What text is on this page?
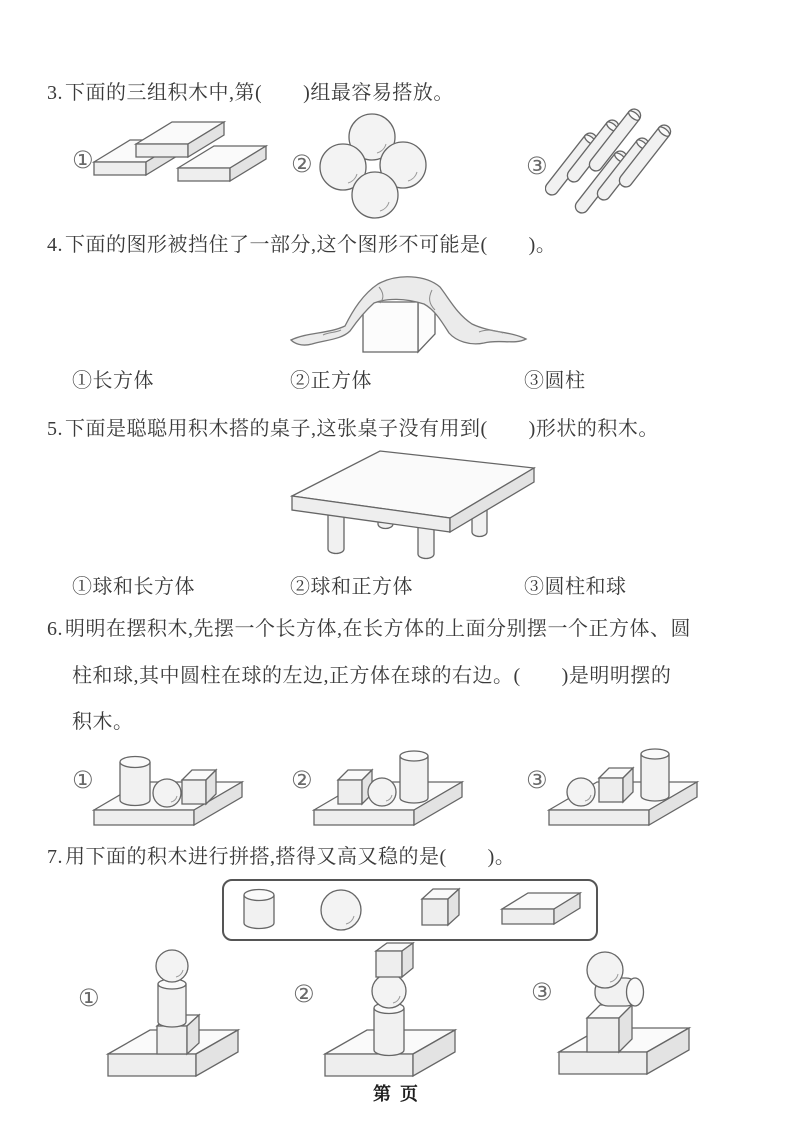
3. 下面的三组积木中,第(　　)组最容易搭放。
①	②	③
4. 下面的图形被挡住了一部分,这个图形不可能是(　　)。
①长方体	②正方体	③圆柱
5. 下面是聪聪用积木搭的桌子,这张桌子没有用到(　　)形状的积木。
①球和长方体	②球和正方体	③圆柱和球
6. 明明在摆积木,先摆一个长方体,在长方体的上面分别摆一个正方体、圆
柱和球,其中圆柱在球的左边,正方体在球的右边。(　　)是明明摆的
积木。
①	②	③
7. 用下面的积木进行拼搭,搭得又高又稳的是(　　)。
①	②	③
第 页
